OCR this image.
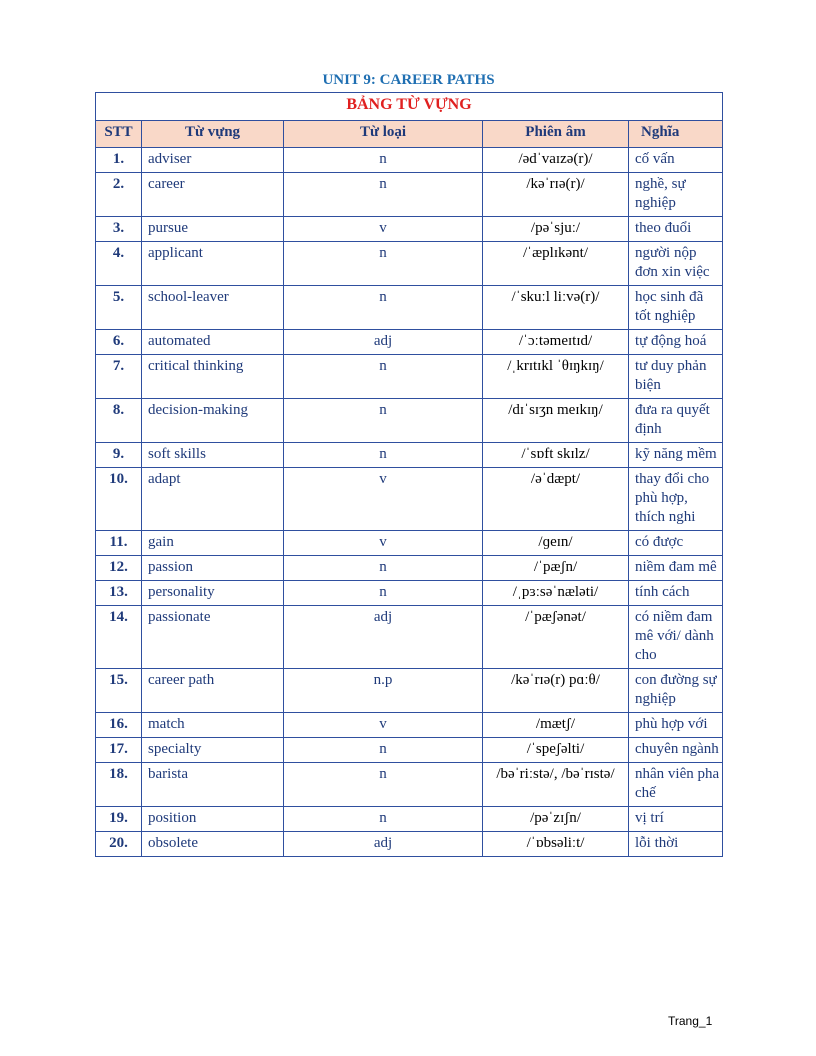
UNIT 9: CAREER PATHS
BẢNG TỪ VỰNG				
STT	Từ vựng	Từ loại	Phiên âm	Nghĩa
1.	adviser	n	/ədˈvaɪzə(r)/	cố vấn
2.	career	n	/kəˈrɪə(r)/	nghề, sự nghiệp
3.	pursue	v	/pəˈsjuː/	theo đuổi
4.	applicant	n	/ˈæplɪkənt/	người nộp đơn xin việc
5.	school-leaver	n	/ˈskuːl liːvə(r)/	học sinh đã tốt nghiệp
6.	automated	adj	/ˈɔːtəmeɪtɪd/	tự động hoá
7.	critical thinking	n	/ˌkrɪtɪkl ˈθɪŋkɪŋ/	tư duy phản biện
8.	decision-making	n	/dɪˈsɪʒn meɪkɪŋ/	đưa ra quyết định
9.	soft skills	n	/ˈsɒft skɪlz/	kỹ năng mềm
10.	adapt	v	/əˈdæpt/	thay đổi cho phù hợp, thích nghi
11.	gain	v	/ɡeɪn/	có được
12.	passion	n	/ˈpæʃn/	niềm đam mê
13.	personality	n	/ˌpɜːsəˈnæləti/	tính cách
14.	passionate	adj	/ˈpæʃənət/	có niềm đam mê với/ dành cho
15.	career path	n.p	/kəˈrɪə(r) pɑːθ/	con đường sự nghiệp
16.	match	v	/mætʃ/	phù hợp với
17.	specialty	n	/ˈspeʃəlti/	chuyên ngành
18.	barista	n	/bəˈriːstə/, /bəˈrɪstə/	nhân viên pha chế
19.	position	n	/pəˈzɪʃn/	vị trí
20.	obsolete	adj	/ˈɒbsəliːt/	lỗi thời
Trang_1
